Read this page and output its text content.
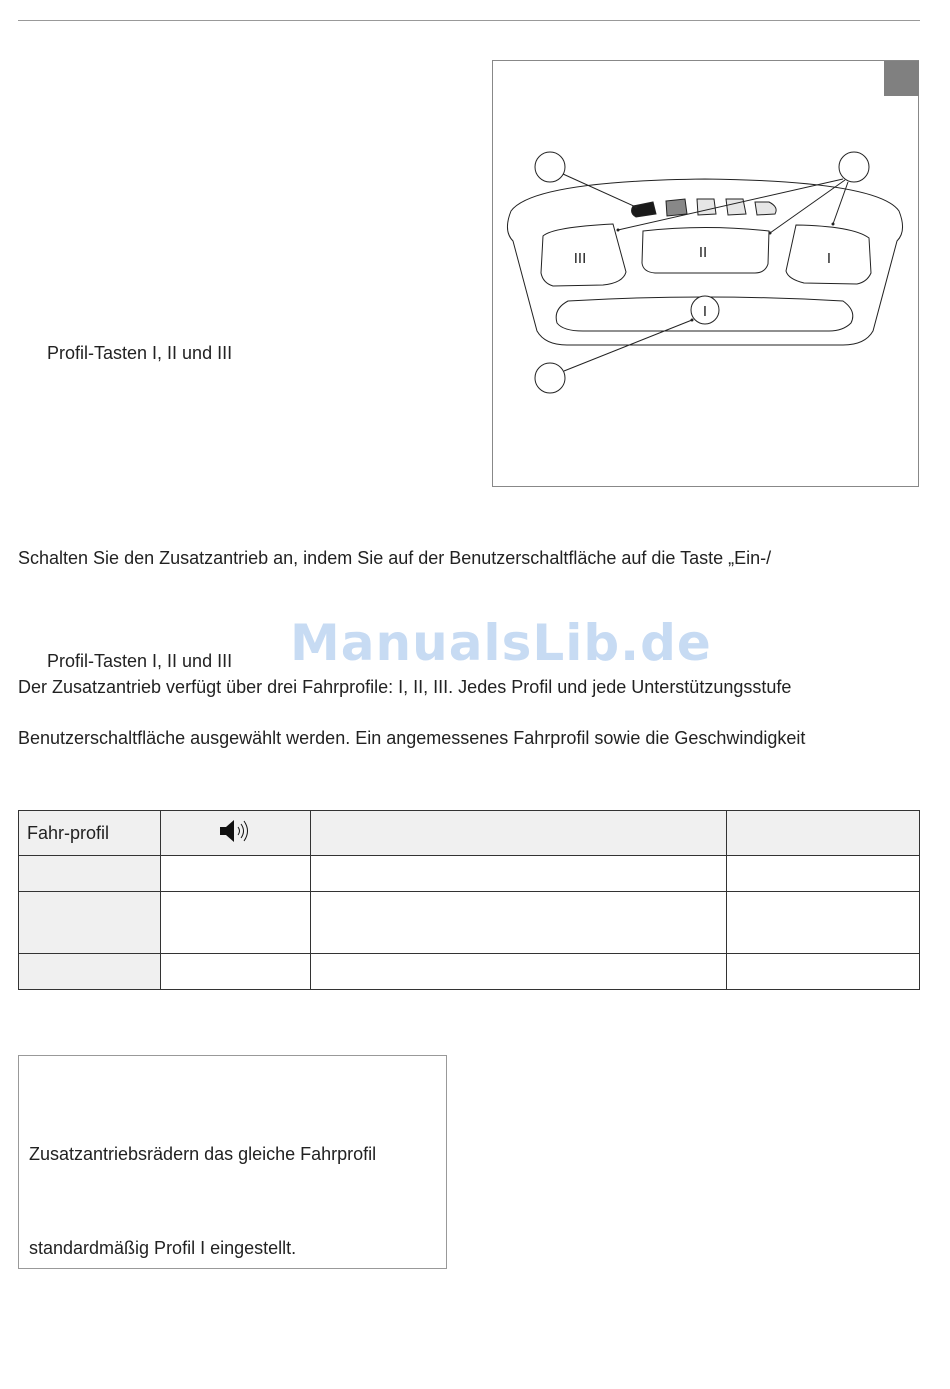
III	II	I
I
Profil-Tasten I, II und III
Schalten Sie den Zusatzantrieb an, indem Sie auf der Benutzerschaltfläche auf die Taste „Ein-/
ManualsLib.de
Profil-Tasten I, II und III
Der Zusatzantrieb verfügt über drei Fahrprofile: I, II, III. Jedes Profil und jede Unterstützungsstufe
Benutzerschaltfläche ausgewählt werden. Ein angemessenes Fahrprofil sowie die Geschwindigkeit
Fahr-profil			

Zusatzantriebsrädern das gleiche Fahrprofil
standardmäßig Profil I eingestellt.
